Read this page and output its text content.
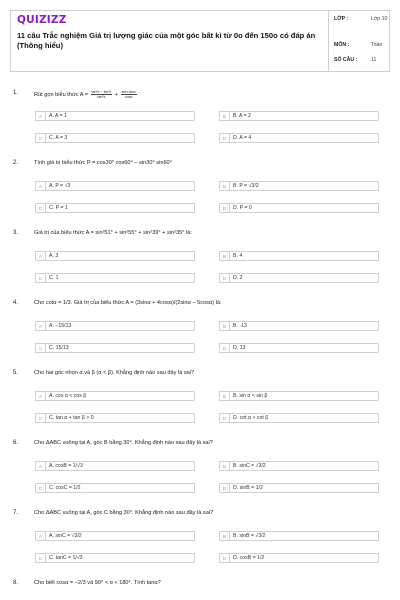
QUIZIZZ
11 câu Trắc nghiệm Giá trị lượng giác của một góc bất kì từ 0o đến 150o có đáp án (Thông hiểu)
LỚP :	Lớp 10
MÔN :	Toán
SỐ CÂU :	11
1.	Rút gọn biểu thức $A = \frac{\text{tan²x − sin²x}}{\text{tan²x}} + \frac{\sin x.\tan x}{\cos x}$
A	A. A = 1	B	B. A = 2
C	C. A = 3	D	D. A = 4
2.	Tính giá trị biểu thức P = cos30° cos60° − sin30° sin60°
A	A. P = √3	B	B. P = √3/2
C	C. P = 1	D	D. P = 0
3.	Giá trị của biểu thức A = sin²51° + sin²55° + sin²39° + sin²35° là:
A	A. 3	B	B. 4
C	C. 1	D	D. 2
4.	Cho cotα = 1/3. Giá trị của biểu thức A = (3sinα + 4cosα)/(2sinα − 5cosα) là:
A	A. −15/13	B	B. -13
C	C. 15/13	D	D. 13
5.	Cho hai góc nhọn α và β (α < β). Khẳng định nào sau đây là sai?
A	A. cos α < cos β	B	B. sin α < sin β
C	C. tan α + tan β > 0	D	D. cot α > cot β
6.	Cho ΔABC vuông tại A, góc B bằng 30°. Khẳng định nào sau đây là sai?
A	A. cosB = 1/√3	B	B. sinC = √3/2
C	C. cosC = 1/2	D	D. sinB = 1/2
7.	Cho ΔABC vuông tại A, góc C bằng 30°. Khẳng định nào sau đây là sai?
A	A. sinC = √3/2	B	B. sinB = √3/2
C	C. tanC = 1/√3	D	D. cosB = 1/2
8.	Cho biết cosα = −2/3 và 90° < α < 180°. Tính tanα?
